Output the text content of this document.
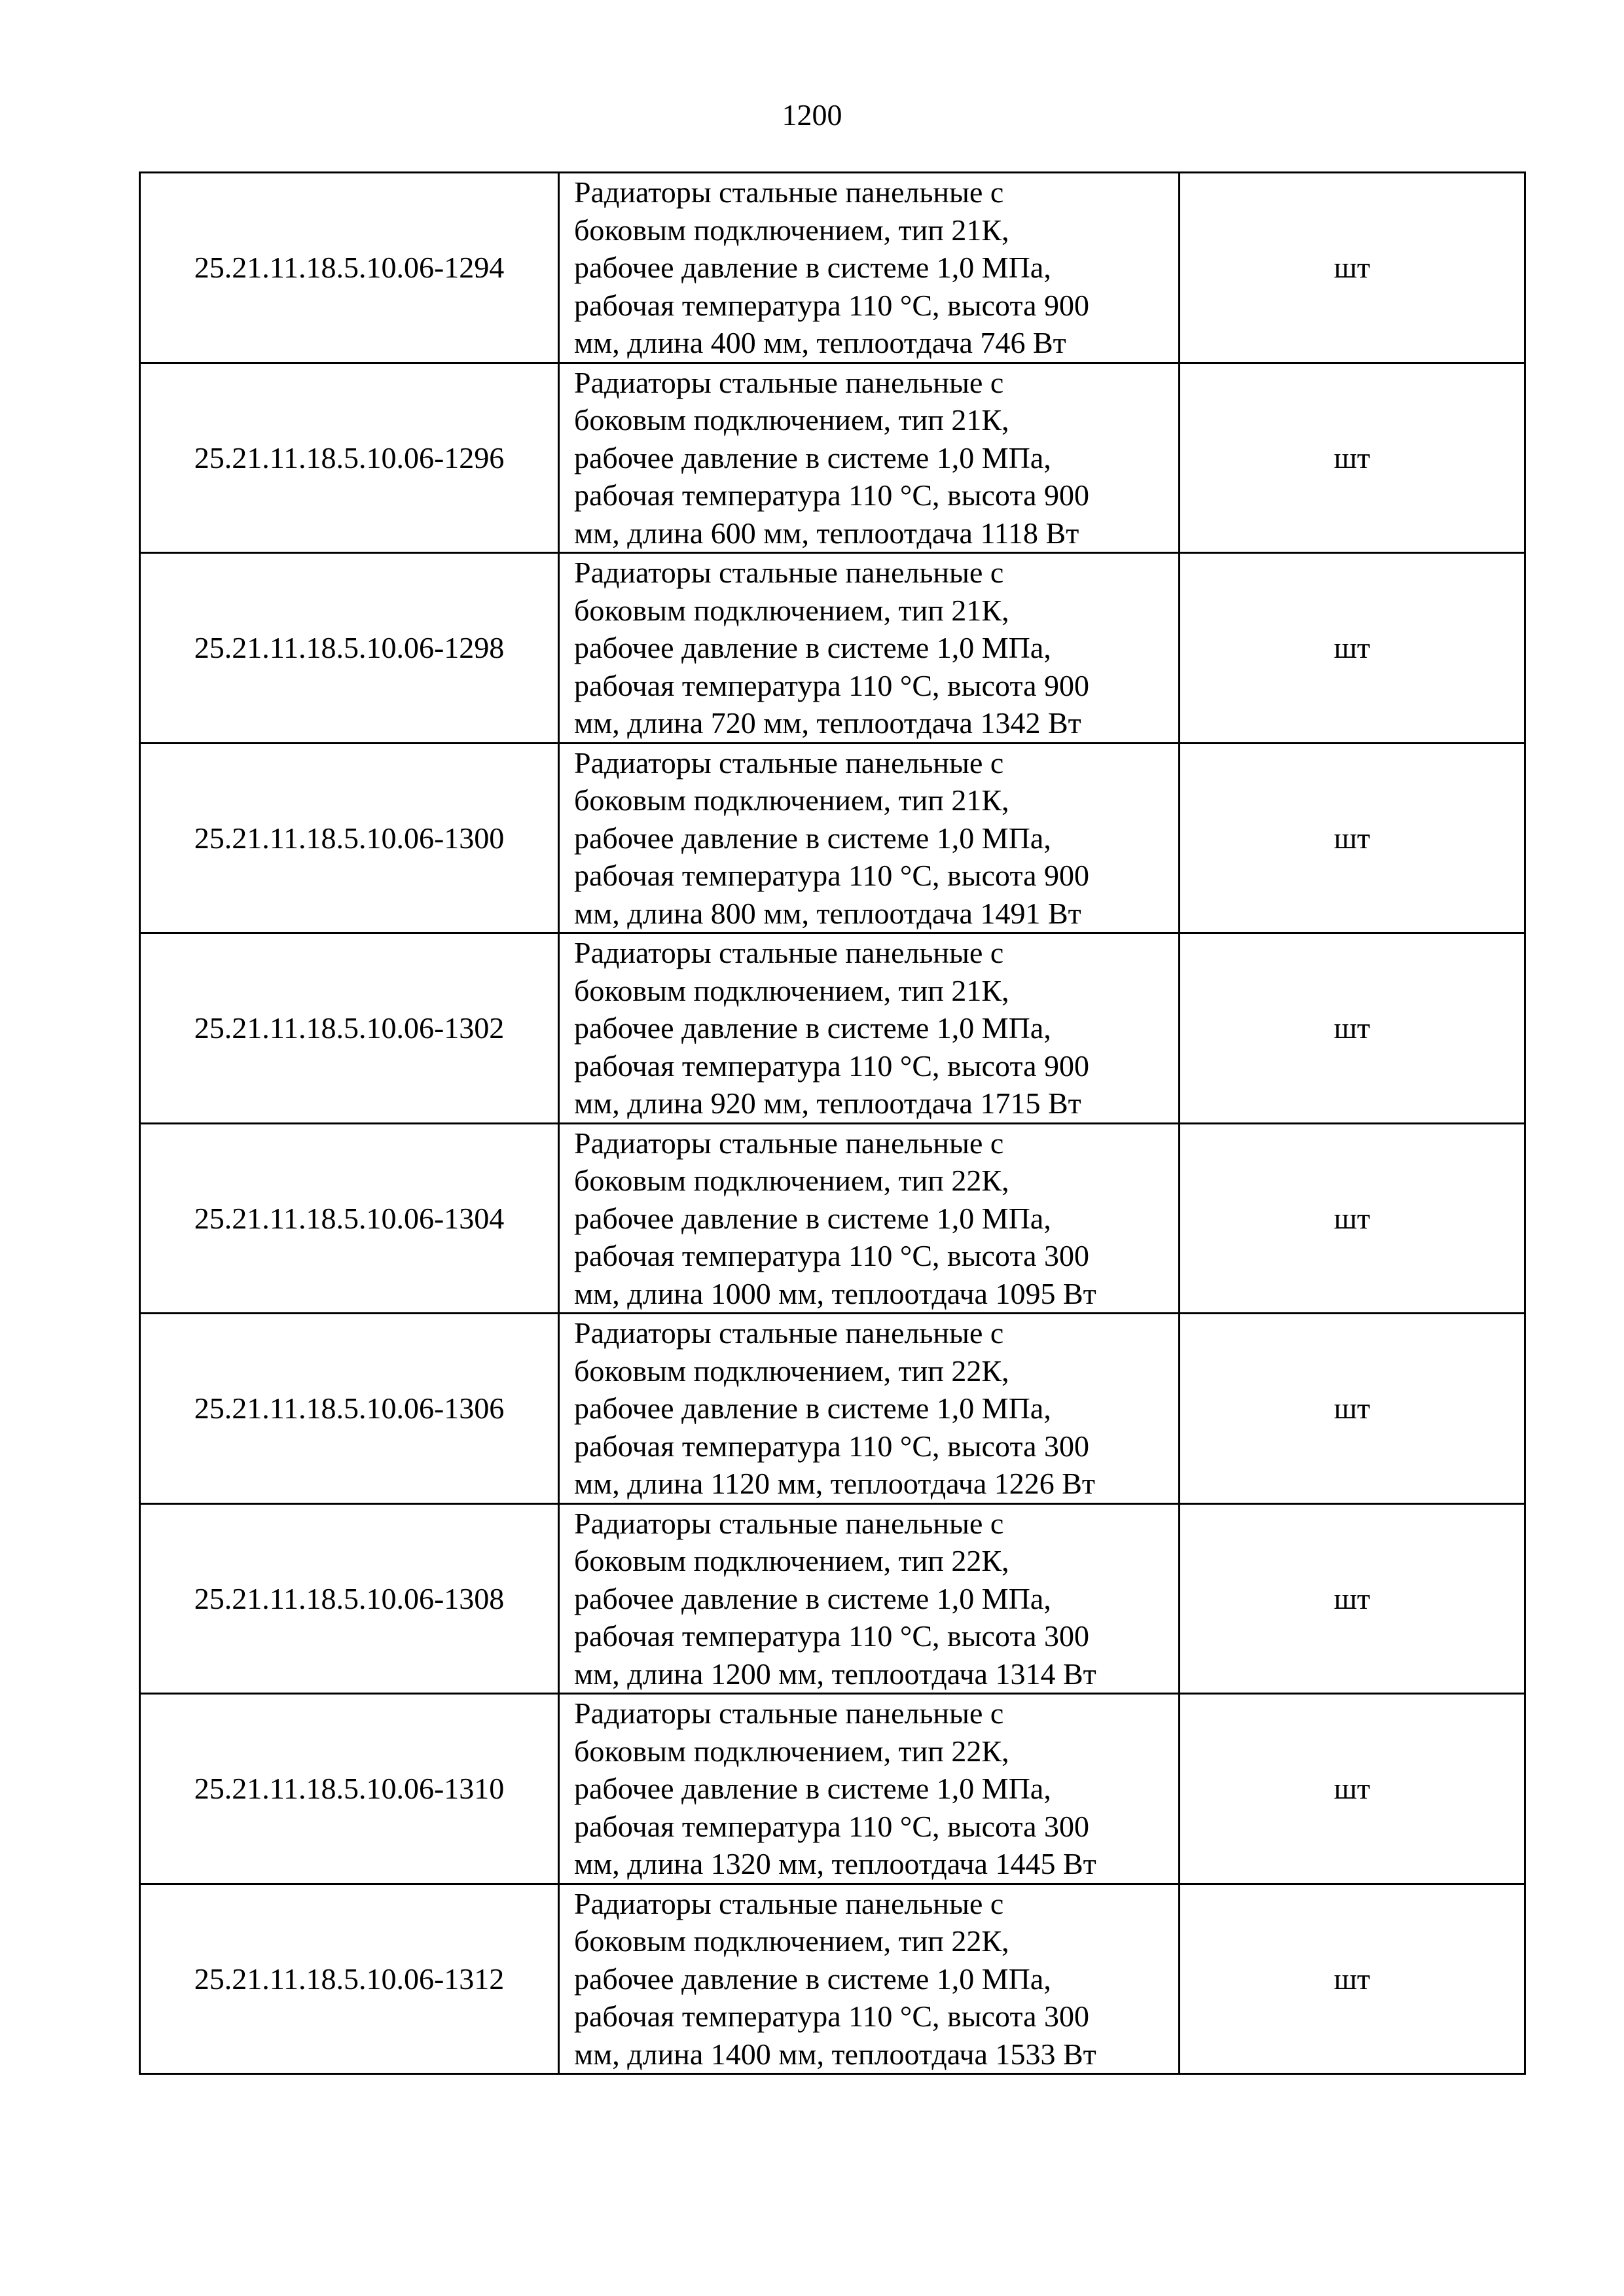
1200
25.21.11.18.5.10.06-1294	Радиаторы стальные панельные с
боковым подключением, тип 21К,
рабочее давление в системе 1,0 МПа,
рабочая температура 110 °С, высота 900
мм, длина 400 мм, теплоотдача 746 Вт	шт
25.21.11.18.5.10.06-1296	Радиаторы стальные панельные с
боковым подключением, тип 21К,
рабочее давление в системе 1,0 МПа,
рабочая температура 110 °С, высота 900
мм, длина 600 мм, теплоотдача 1118 Вт	шт
25.21.11.18.5.10.06-1298	Радиаторы стальные панельные с
боковым подключением, тип 21К,
рабочее давление в системе 1,0 МПа,
рабочая температура 110 °С, высота 900
мм, длина 720 мм, теплоотдача 1342 Вт	шт
25.21.11.18.5.10.06-1300	Радиаторы стальные панельные с
боковым подключением, тип 21К,
рабочее давление в системе 1,0 МПа,
рабочая температура 110 °С, высота 900
мм, длина 800 мм, теплоотдача 1491 Вт	шт
25.21.11.18.5.10.06-1302	Радиаторы стальные панельные с
боковым подключением, тип 21К,
рабочее давление в системе 1,0 МПа,
рабочая температура 110 °С, высота 900
мм, длина 920 мм, теплоотдача 1715 Вт	шт
25.21.11.18.5.10.06-1304	Радиаторы стальные панельные с
боковым подключением, тип 22К,
рабочее давление в системе 1,0 МПа,
рабочая температура 110 °С, высота 300
мм, длина 1000 мм, теплоотдача 1095 Вт	шт
25.21.11.18.5.10.06-1306	Радиаторы стальные панельные с
боковым подключением, тип 22К,
рабочее давление в системе 1,0 МПа,
рабочая температура 110 °С, высота 300
мм, длина 1120 мм, теплоотдача 1226 Вт	шт
25.21.11.18.5.10.06-1308	Радиаторы стальные панельные с
боковым подключением, тип 22К,
рабочее давление в системе 1,0 МПа,
рабочая температура 110 °С, высота 300
мм, длина 1200 мм, теплоотдача 1314 Вт	шт
25.21.11.18.5.10.06-1310	Радиаторы стальные панельные с
боковым подключением, тип 22К,
рабочее давление в системе 1,0 МПа,
рабочая температура 110 °С, высота 300
мм, длина 1320 мм, теплоотдача 1445 Вт	шт
25.21.11.18.5.10.06-1312	Радиаторы стальные панельные с
боковым подключением, тип 22К,
рабочее давление в системе 1,0 МПа,
рабочая температура 110 °С, высота 300
мм, длина 1400 мм, теплоотдача 1533 Вт	шт
